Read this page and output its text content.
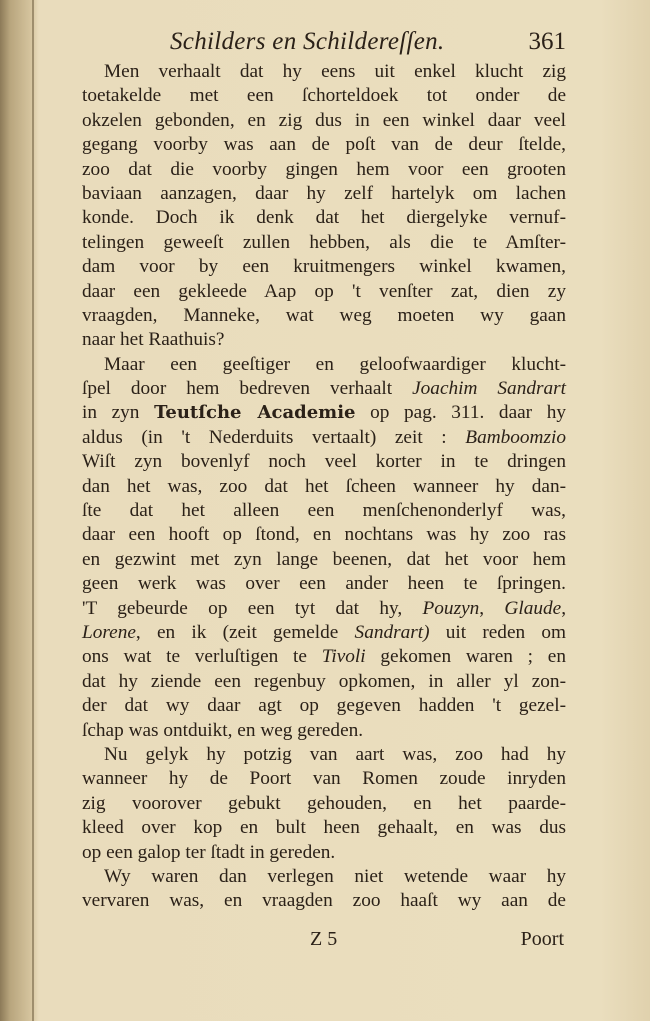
Schilders en Schildereſſen.	361
Men verhaalt dat hy eens uit enkel klucht zig
toetakelde met een ſchorteldoek tot onder de
okzelen gebonden, en zig dus in een winkel daar veel
gegang voorby was aan de poſt van de deur ſtelde,
zoo dat die voorby gingen hem voor een grooten
baviaan aanzagen, daar hy zelf hartelyk om lachen
konde. Doch ik denk dat het diergelyke vernuf-
telingen geweeſt zullen hebben, als die te Amſter-
dam voor by een kruitmengers winkel kwamen,
daar een gekleede Aap op 't venſter zat, dien zy
vraagden, Manneke, wat weg moeten wy gaan
naar het Raathuis?
Maar een geeſtiger en geloofwaardiger klucht-
ſpel door hem bedreven verhaalt Joachim Sandrart
in zyn Teutſche Academie op pag. 311. daar hy
aldus (in 't Nederduits vertaalt) zeit : Bamboотzio
Wiſt zyn bovenlyf noch veel korter in te dringen
dan het was, zoo dat het ſcheen wanneer hy dan-
ſte dat het alleen een menſchenonderlyf was,
daar een hooft op ſtond, en nochtans was hy zoo ras
en gezwint met zyn lange beenen, dat het voor hem
geen werk was over een ander heen te ſpringen.
'T gebeurde op een tyt dat hy, Pouzyn, Glaude,
Lorene, en ik (zeit gemelde Sandrart) uit reden om
ons wat te verluſtigen te Tivoli gekomen waren ; en
dat hy ziende een regenbuy opkomen, in aller yl zon-
der dat wy daar agt op gegeven hadden 't gezel-
ſchap was ontduikt, en weg gereden.
Nu gelyk hy potzig van aart was, zoo had hy
wanneer hy de Poort van Romen zoude inryden
zig voorover gebukt gehouden, en het paarde-
kleed over kop en bult heen gehaalt, en was dus
op een galop ter ſtadt in gereden.
Wy waren dan verlegen niet wetende waar hy
vervaren was, en vraagden zoo haaſt wy aan de
Z 5	Poort
